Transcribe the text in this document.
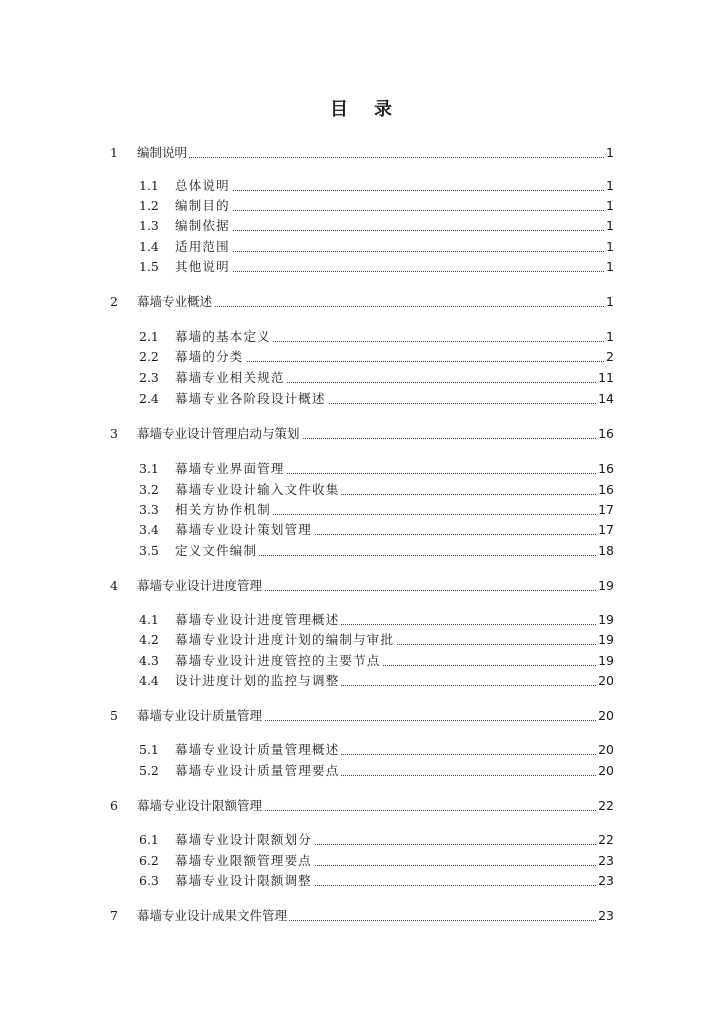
目 录
1 编制说明	1
1.1 总体说明	1
1.2 编制目的	1
1.3 编制依据	1
1.4 适用范围	1
1.5 其他说明	1
2 幕墙专业概述	1
2.1 幕墙的基本定义	1
2.2 幕墙的分类	2
2.3 幕墙专业相关规范	11
2.4 幕墙专业各阶段设计概述	14
3 幕墙专业设计管理启动与策划	16
3.1 幕墙专业界面管理	16
3.2 幕墙专业设计输入文件收集	16
3.3 相关方协作机制	17
3.4 幕墙专业设计策划管理	17
3.5 定义文件编制	18
4 幕墙专业设计进度管理	19
4.1 幕墙专业设计进度管理概述	19
4.2 幕墙专业设计进度计划的编制与审批	19
4.3 幕墙专业设计进度管控的主要节点	19
4.4 设计进度计划的监控与调整	20
5 幕墙专业设计质量管理	20
5.1 幕墙专业设计质量管理概述	20
5.2 幕墙专业设计质量管理要点	20
6 幕墙专业设计限额管理	22
6.1 幕墙专业设计限额划分	22
6.2 幕墙专业限额管理要点	23
6.3 幕墙专业设计限额调整	23
7 幕墙专业设计成果文件管理	23
